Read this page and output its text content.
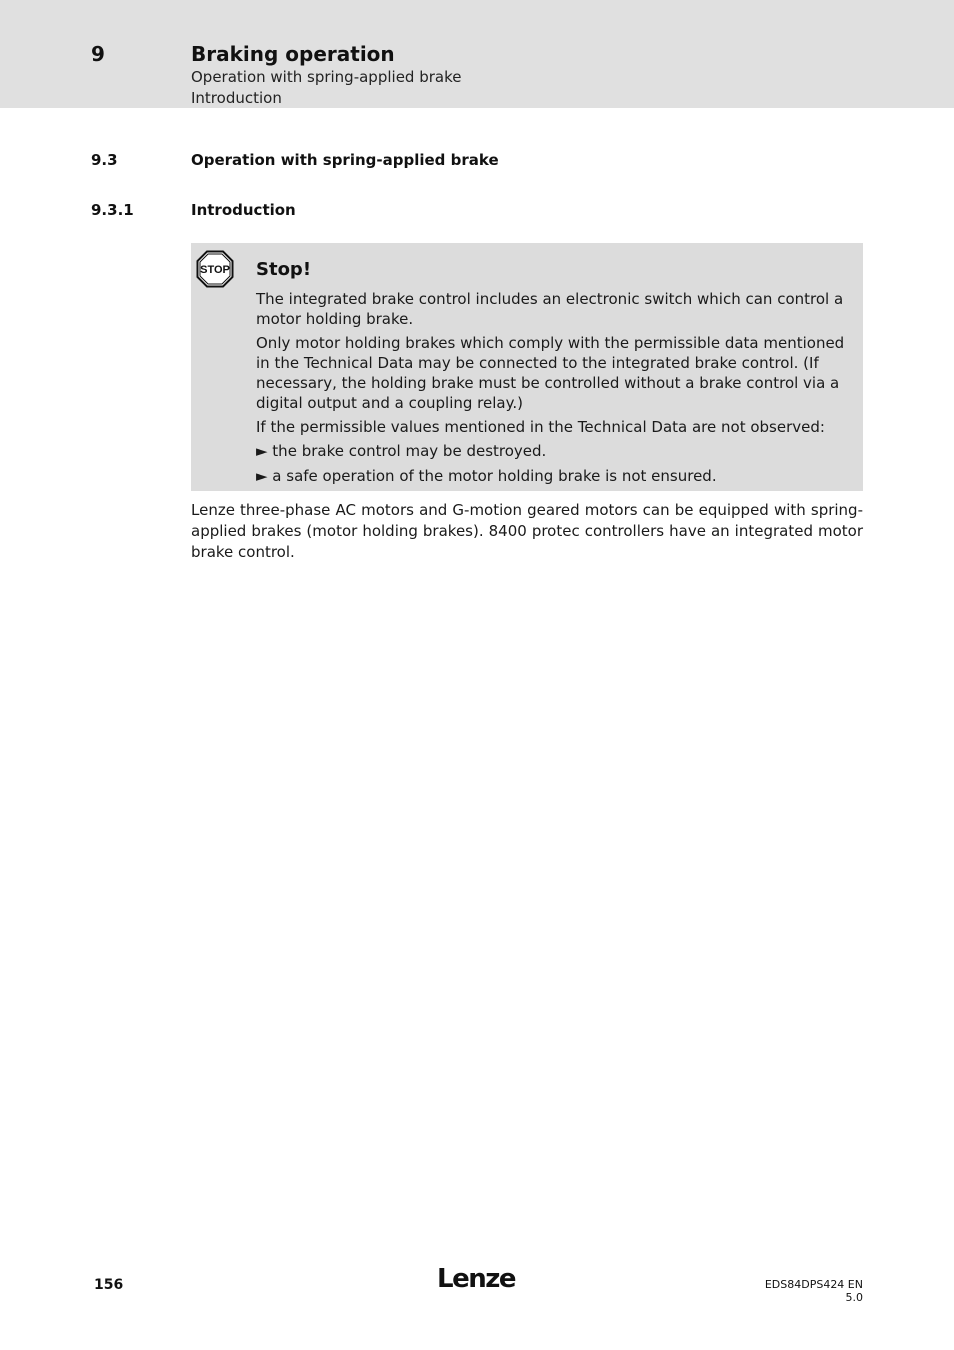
9	Braking operation
Operation with spring-applied brake
Introduction
9.3	Operation with spring-applied brake
9.3.1	Introduction
STOP Stop!

The integrated brake control includes an electronic switch which can control a motor holding brake.

Only motor holding brakes which comply with the permissible data mentioned in the Technical Data may be connected to the integrated brake control. (If necessary, the holding brake must be controlled without a brake control via a digital output and a coupling relay.)

If the permissible values mentioned in the Technical Data are not observed:

► the brake control may be destroyed.
► a safe operation of the motor holding brake is not ensured.

Lenze three-phase AC motors and G-motion geared motors can be equipped with spring-applied brakes (motor holding brakes). 8400 protec controllers have an integrated motor brake control.

156	Lenze	EDS84DPS424 EN 5.0
